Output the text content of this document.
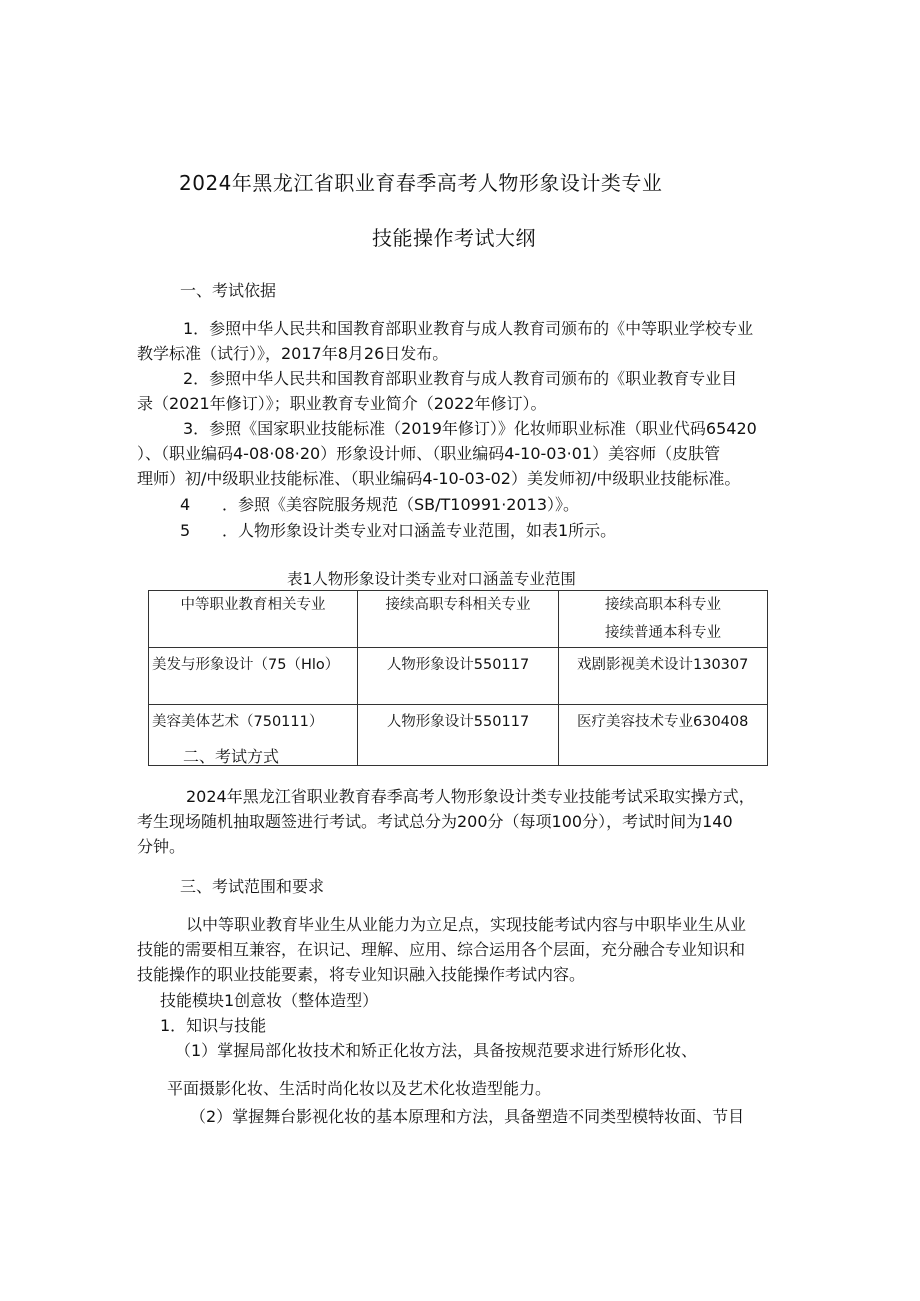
2024年黑龙江省职业育春季高考人物形象设计类专业
技能操作考试大纲
一、考试依据
1．参照中华人民共和国教育部职业教育与成人教育司颁布的《中等职业学校专业
教学标准（试行）》，2017年8月26日发布。
2．参照中华人民共和国教育部职业教育与成人教育司颁布的《职业教育专业目
录（2021年修订）》；职业教育专业简介（2022年修订）。
3．参照《国家职业技能标准（2019年修订）》化妆师职业标准（职业代码65420
）、（职业编码4-08·08·20）形象设计师、（职业编码4-10-03·01）美容师（皮肤管
理师）初/中级职业技能标准、（职业编码4-10-03-02）美发师初/中级职业技能标准。
4 ．参照《美容院服务规范（SB/T10991·2013）》。
5 ．人物形象设计类专业对口涵盖专业范围，如表1所示。
表1人物形象设计类专业对口涵盖专业范围
中等职业教育相关专业	接续高职专科相关专业	接续高职本科专业
接续普通本科专业

美发与形象设计（75（Hlo）	人物形象设计550117	戏剧影视美术设计130307
美容美体艺术（750111）	人物形象设计550117	医疗美容技术专业630408
二、考试方式
2024年黑龙江省职业教育春季高考人物形象设计类专业技能考试采取实操方式，
考生现场随机抽取题签进行考试。考试总分为200分（每项100分），考试时间为140
分钟。
三、考试范围和要求
以中等职业教育毕业生从业能力为立足点，实现技能考试内容与中职毕业生从业
技能的需要相互兼容，在识记、理解、应用、综合运用各个层面，充分融合专业知识和
技能操作的职业技能要素，将专业知识融入技能操作考试内容。
技能模块1创意妆（整体造型）
1．知识与技能
（1）掌握局部化妆技术和矫正化妆方法，具备按规范要求进行矫形化妆、
平面摄影化妆、生活时尚化妆以及艺术化妆造型能力。
（2）掌握舞台影视化妆的基本原理和方法，具备塑造不同类型模特妆面、节目
